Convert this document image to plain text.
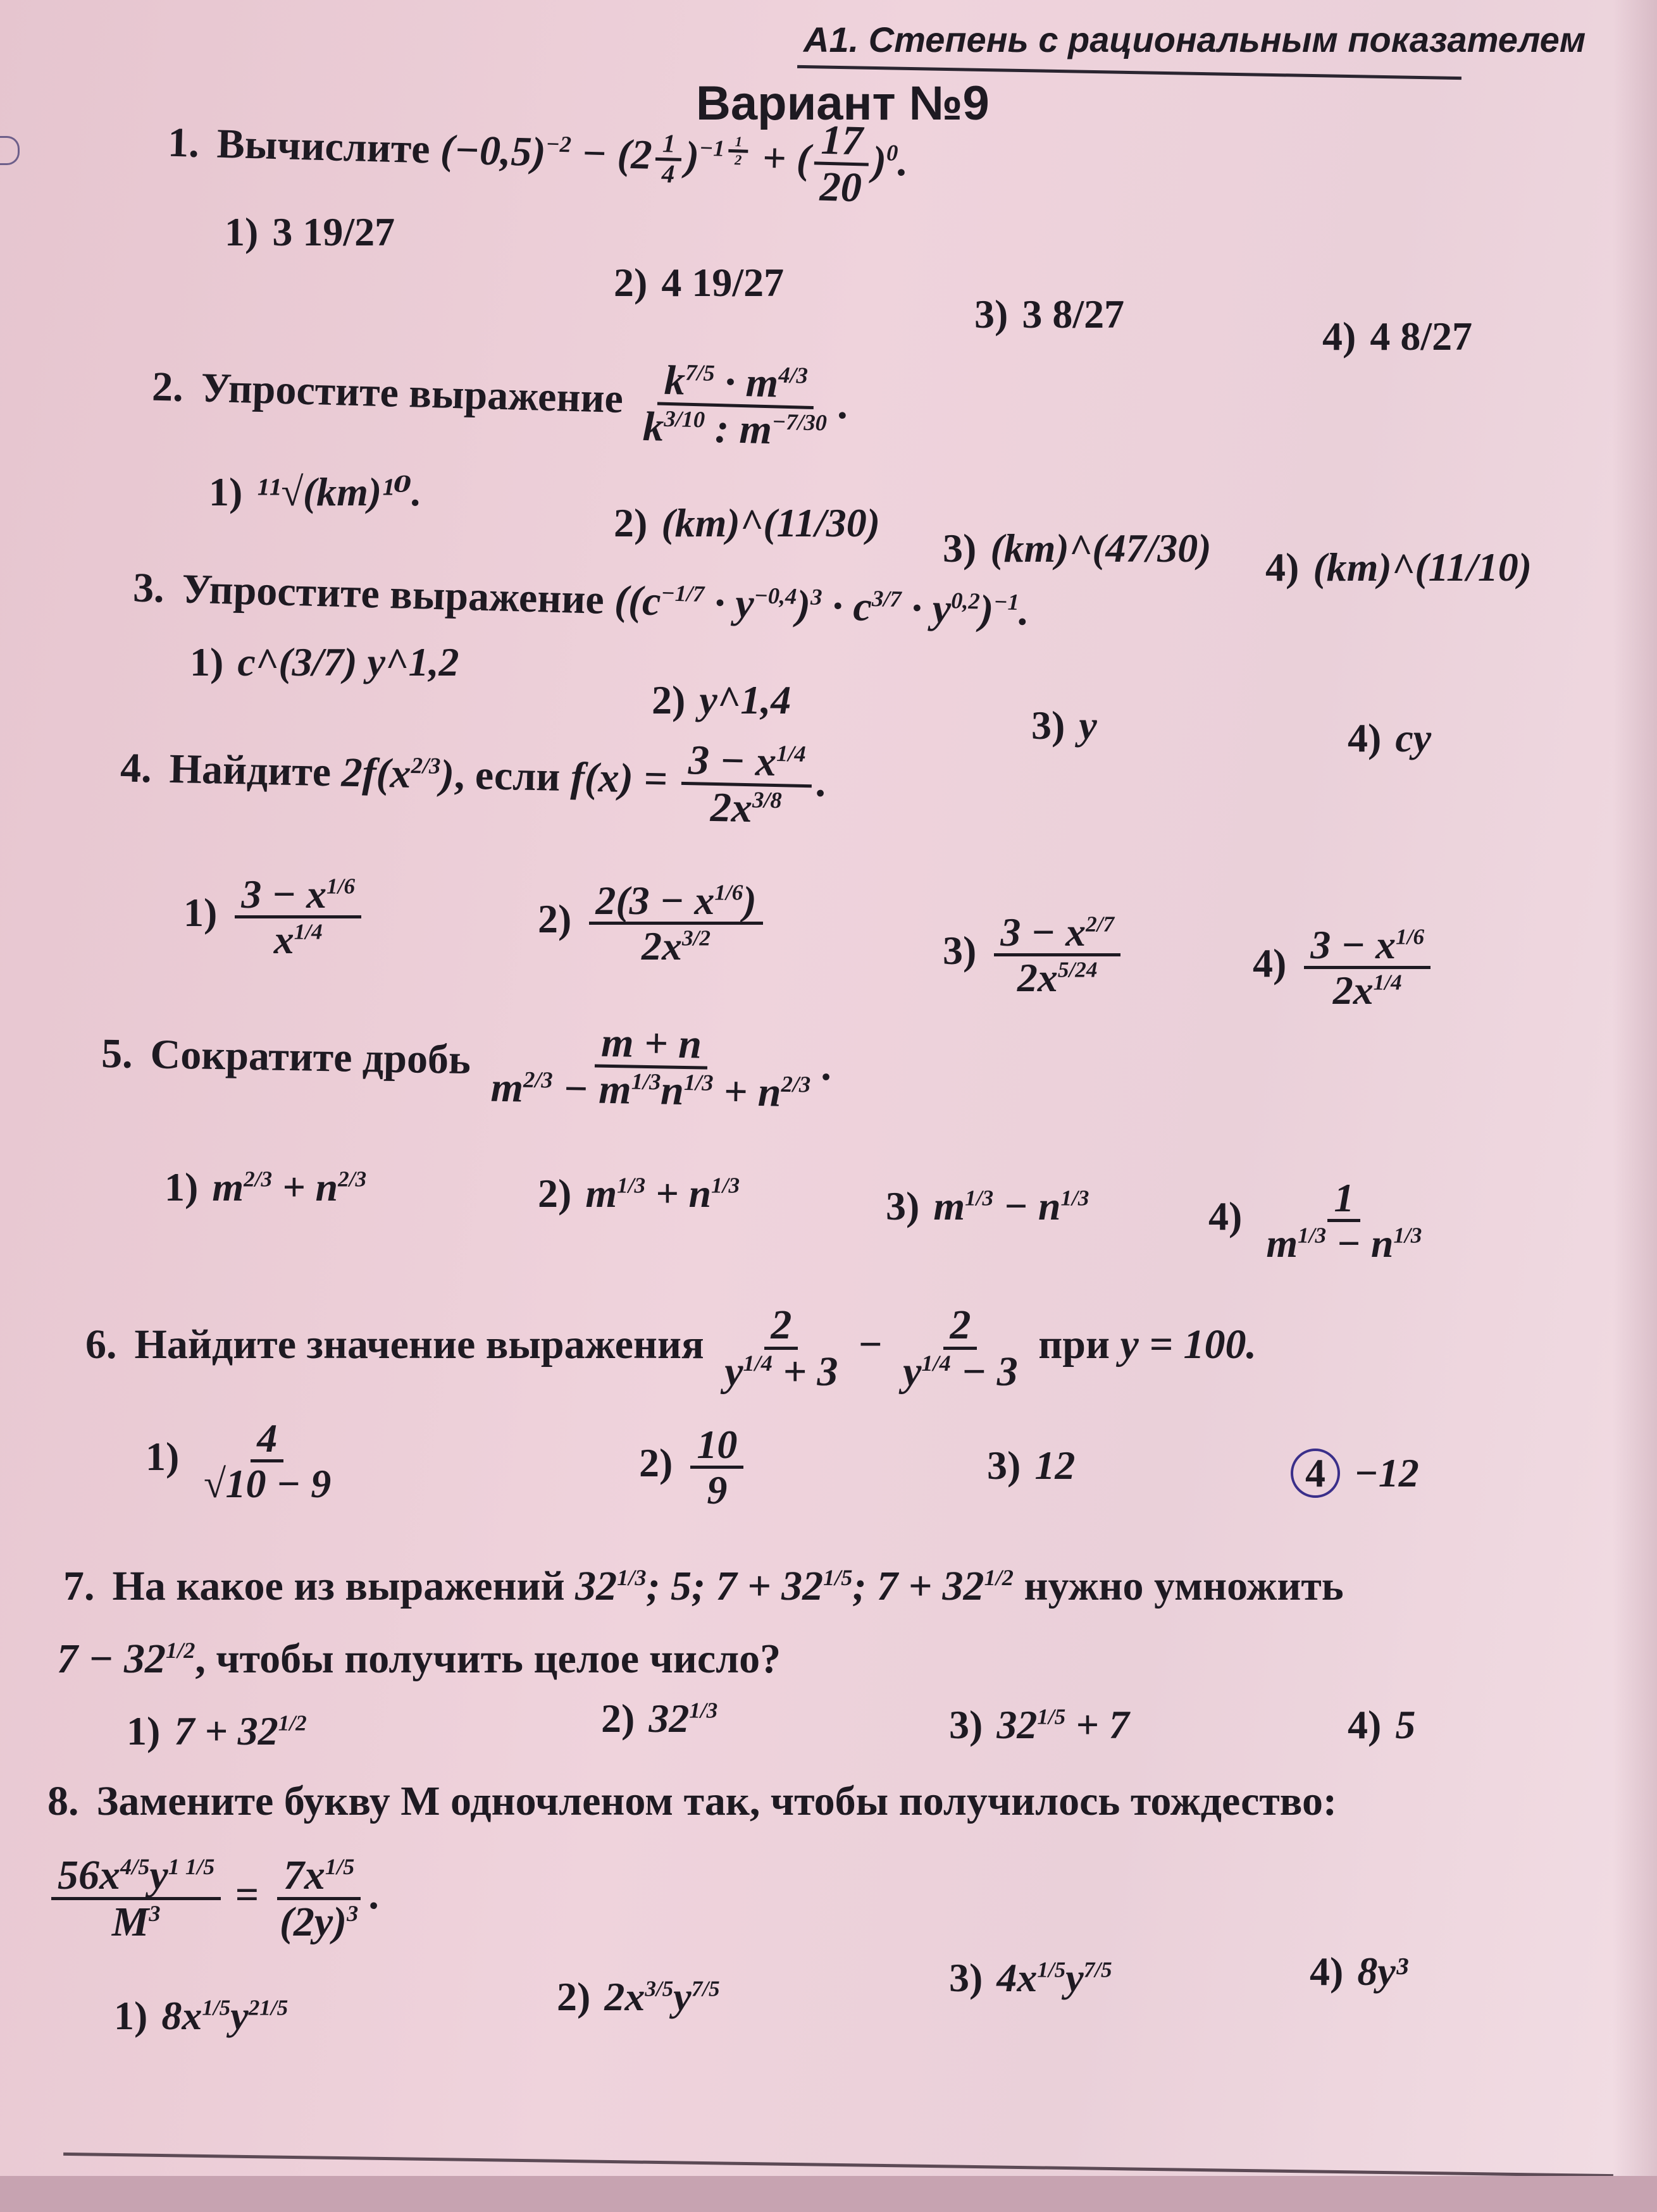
А1. Степень с рациональным показателем
Вариант №9
1. Вычислите $(-0,5)^{-2} - (2 \frac{1}{4} )^{-1 \frac{1}{2}}$ + ( $\frac{17}{20} )^0$.
1) 3 19/27
2) 4 19/27
3) 3 8/27	4) 4 8/27
2. Упростите выражение $\frac{k^{7/5} \cdot m^{4/3}}{k^{3/10} : m^{-7/30}}$ .
1) ¹¹√(km)¹⁰.
2) (km)^(11/30)
3) (km)^(47/30) 4) (km)^(11/10)
3. Упростите выражение $((c^{-1/7} \cdot y^{-0,4})^3 \cdot c^{3/7} \cdot y^{0,2})^{-1}$.
1) c^(3/7) y^1,2
2) y^1,4
3) y	4) cy
4. Найдите $2f(x^{2/3})$, если $f(x) = \frac{3 - x^{1/4}}{2x^{3/8}}$ .
$1) \frac{3 - x^{1/6}}{x^{1/4}}$	$2) \frac{2(3 - x^{1/6})}{2x^{3/2}}$	$3) \frac{3 - x^{2/7}}{2x^{5/24}}$	$4) \frac{3 - x^{1/6}}{2x^{1/4}}$
5. Сократите дробь $\frac{m + n}{m^{2/3} - m^{1/3}n^{1/3} + n^{2/3}}$ .
1) $m^{2/3} + n^{2/3}$	2) $m^{1/3} + n^{1/3}$	3) $m^{1/3} - n^{1/3}$	$4) \frac{1}{m^{1/3} - n^{1/3}}$
6. Найдите значение выражения $\frac{2}{y^{1/4} + 3} - \frac{2}{y^{1/4} - 3}$ при y = 100.
$1) \frac{4}{√10 - 9}$	$2) \frac{10}{9}$	3) 12	4 −12
7. На какое из выражений $32^{1/3}$; 5; $7 + 32^{1/5}$; $7 + 32^{1/2}$ нужно умножить
$7 - 32^{1/2}$, чтобы получить целое число?
1) $7 + 32^{1/2}$	2) $32^{1/3}$	3) $32^{1/5} + 7$	4) 5
8. Замените букву M одночленом так, чтобы получилось тождество:
$\frac{56x^{4/5}y^{1 1/5}}{M^3} = \frac{7x^{1/5}}{(2y)^3}$ .
1) $8x^{1/5}y^{21/5}$	2) $2x^{3/5}y^{7/5}$	3) $4x^{1/5}y^{7/5}$	4) 8y³
